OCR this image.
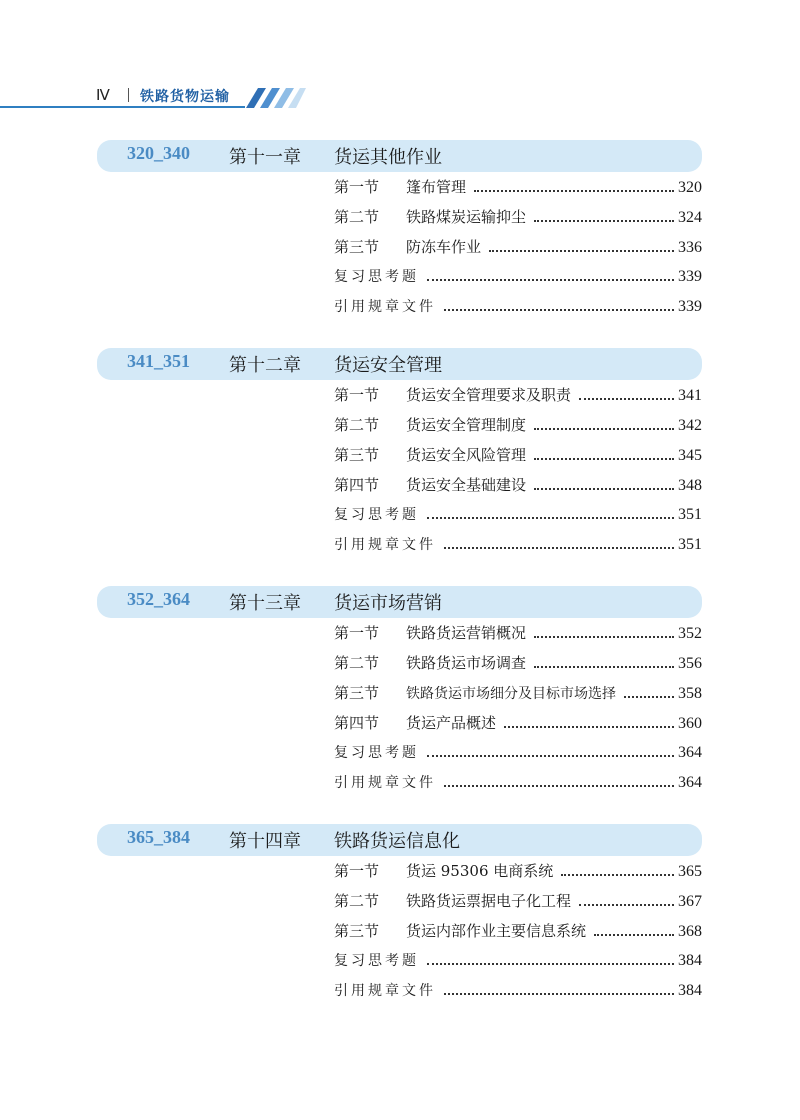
Ⅳ 铁路货物运输
320_340 第十一章 货运其他作业
第一节	篷布管理	320
第二节	铁路煤炭运输抑尘	324
第三节	防冻车作业	336
复习思考题	339
引用规章文件	339
341_351 第十二章 货运安全管理
第一节	货运安全管理要求及职责	341
第二节	货运安全管理制度	342
第三节	货运安全风险管理	345
第四节	货运安全基础建设	348
复习思考题	351
引用规章文件	351
352_364 第十三章 货运市场营销
第一节	铁路货运营销概况	352
第二节	铁路货运市场调查	356
第三节	铁路货运市场细分及目标市场选择	358
第四节	货运产品概述	360
复习思考题	364
引用规章文件	364
365_384 第十四章 铁路货运信息化
第一节	货运 95306 电商系统	365
第二节	铁路货运票据电子化工程	367
第三节	货运内部作业主要信息系统	368
复习思考题	384
引用规章文件	384
